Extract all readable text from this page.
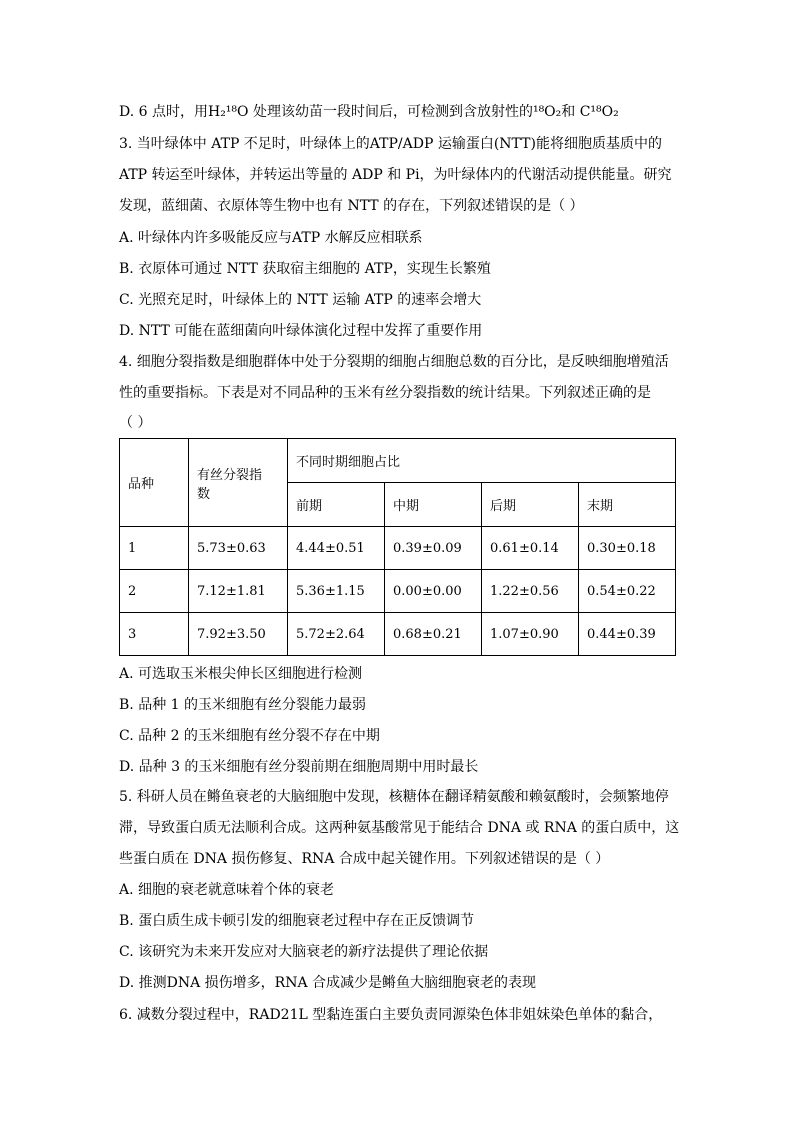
D. 6 点时，用H₂¹⁸O 处理该幼苗一段时间后，可检测到含放射性的¹⁸O₂和 C¹⁸O₂
3. 当叶绿体中 ATP 不足时，叶绿体上的ATP/ADP 运输蛋白(NTT)能将细胞质基质中的
ATP 转运至叶绿体，并转运出等量的 ADP 和 Pi，为叶绿体内的代谢活动提供能量。研究
发现，蓝细菌、衣原体等生物中也有 NTT 的存在，下列叙述错误的是（ ）
A. 叶绿体内许多吸能反应与ATP 水解反应相联系
B. 衣原体可通过 NTT 获取宿主细胞的 ATP，实现生长繁殖
C. 光照充足时，叶绿体上的 NTT 运输 ATP 的速率会增大
D. NTT 可能在蓝细菌向叶绿体演化过程中发挥了重要作用
4. 细胞分裂指数是细胞群体中处于分裂期的细胞占细胞总数的百分比，是反映细胞增殖活
性的重要指标。下表是对不同品种的玉米有丝分裂指数的统计结果。下列叙述正确的是
（ ）
品种	有丝分裂指
数	不同时期细胞占比			
		前期	中期	后期	末期
1	5.73±0.63	4.44±0.51	0.39±0.09	0.61±0.14	0.30±0.18
2	7.12±1.81	5.36±1.15	0.00±0.00	1.22±0.56	0.54±0.22
3	7.92±3.50	5.72±2.64	0.68±0.21	1.07±0.90	0.44±0.39
A. 可选取玉米根尖伸长区细胞进行检测
B. 品种 1 的玉米细胞有丝分裂能力最弱
C. 品种 2 的玉米细胞有丝分裂不存在中期
D. 品种 3 的玉米细胞有丝分裂前期在细胞周期中用时最长
5. 科研人员在鳉鱼衰老的大脑细胞中发现，核糖体在翻译精氨酸和赖氨酸时，会频繁地停
滞，导致蛋白质无法顺利合成。这两种氨基酸常见于能结合 DNA 或 RNA 的蛋白质中，这
些蛋白质在 DNA 损伤修复、RNA 合成中起关键作用。下列叙述错误的是（ ）
A. 细胞的衰老就意味着个体的衰老
B. 蛋白质生成卡顿引发的细胞衰老过程中存在正反馈调节
C. 该研究为未来开发应对大脑衰老的新疗法提供了理论依据
D. 推测DNA 损伤增多，RNA 合成减少是鳉鱼大脑细胞衰老的表现
6. 减数分裂过程中，RAD21L 型黏连蛋白主要负责同源染色体非姐妹染色单体的黏合，
